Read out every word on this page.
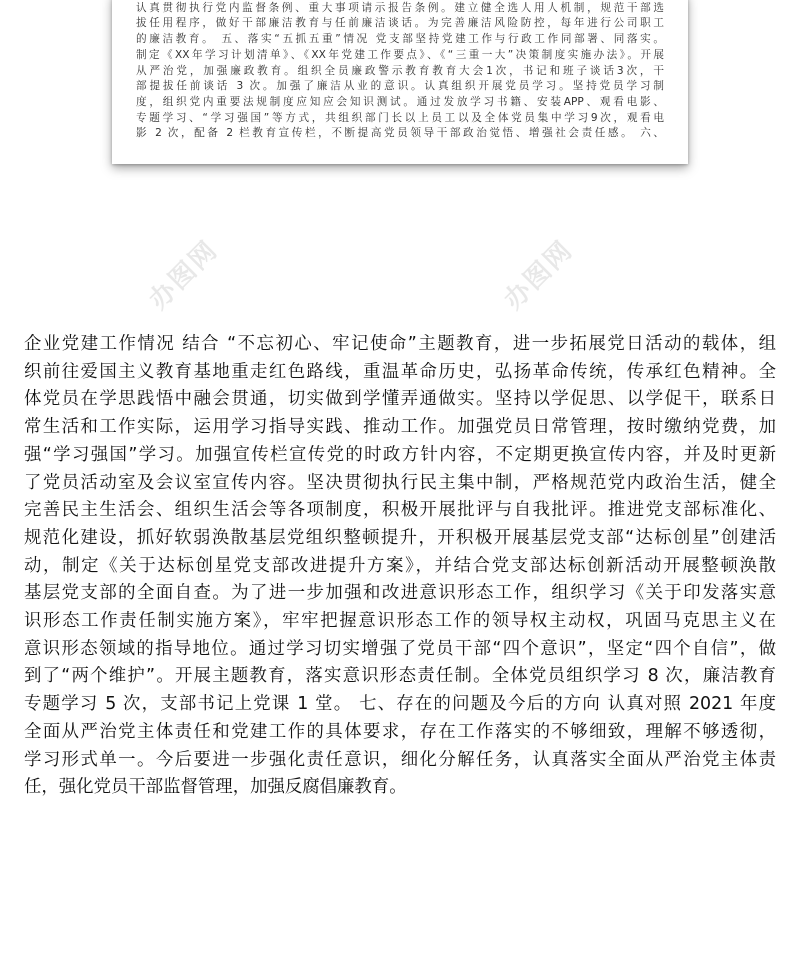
认真贯彻执行党内监督条例、重大事项请示报告条例。建立健全选人用人机制，规范干部选
拔任用程序，做好干部廉洁教育与任前廉洁谈话。为完善廉洁风险防控，每年进行公司职工
的廉洁教育。 五、落实“五抓五重”情况 党支部坚持党建工作与行政工作同部署、同落实。
制定《XX年学习计划清单》、《XX年党建工作要点》、《“三重一大”决策制度实施办法》。开展
从严治党，加强廉政教育。组织全员廉政警示教育教育大会1次，书记和班子谈话3次，干
部提拔任前谈话 3 次。加强了廉洁从业的意识。认真组织开展党员学习。坚持党员学习制
度，组织党内重要法规制度应知应会知识测试。通过发放学习书籍、安装APP、观看电影、
专题学习、“学习强国”等方式，共组织部门长以上员工以及全体党员集中学习9次，观看电
影 2 次，配备 2 栏教育宣传栏，不断提高党员领导干部政治觉悟、增强社会责任感。 六、
办图网	办图网
企业党建工作情况 结合 “不忘初心、牢记使命”主题教育，进一步拓展党日活动的载体，组
织前往爱国主义教育基地重走红色路线，重温革命历史，弘扬革命传统，传承红色精神。全
体党员在学思践悟中融会贯通，切实做到学懂弄通做实。坚持以学促思、以学促干，联系日
常生活和工作实际，运用学习指导实践、推动工作。加强党员日常管理，按时缴纳党费，加
强“学习强国”学习。加强宣传栏宣传党的时政方针内容，不定期更换宣传内容，并及时更新
了党员活动室及会议室宣传内容。坚决贯彻执行民主集中制，严格规范党内政治生活，健全
完善民主生活会、组织生活会等各项制度，积极开展批评与自我批评。推进党支部标准化、
规范化建设，抓好软弱涣散基层党组织整顿提升，开积极开展基层党支部“达标创星”创建活
动，制定《关于达标创星党支部改进提升方案》，并结合党支部达标创新活动开展整顿涣散
基层党支部的全面自查。为了进一步加强和改进意识形态工作，组织学习《关于印发落实意
识形态工作责任制实施方案》，牢牢把握意识形态工作的领导权主动权，巩固马克思主义在
意识形态领域的指导地位。通过学习切实增强了党员干部“四个意识”，坚定“四个自信”，做
到了“两个维护”。开展主题教育，落实意识形态责任制。全体党员组织学习 8 次，廉洁教育
专题学习 5 次，支部书记上党课 1 堂。 七、存在的问题及今后的方向 认真对照 2021 年度
全面从严治党主体责任和党建工作的具体要求，存在工作落实的不够细致，理解不够透彻，
学习形式单一。今后要进一步强化责任意识，细化分解任务，认真落实全面从严治党主体责
任，强化党员干部监督管理，加强反腐倡廉教育。
